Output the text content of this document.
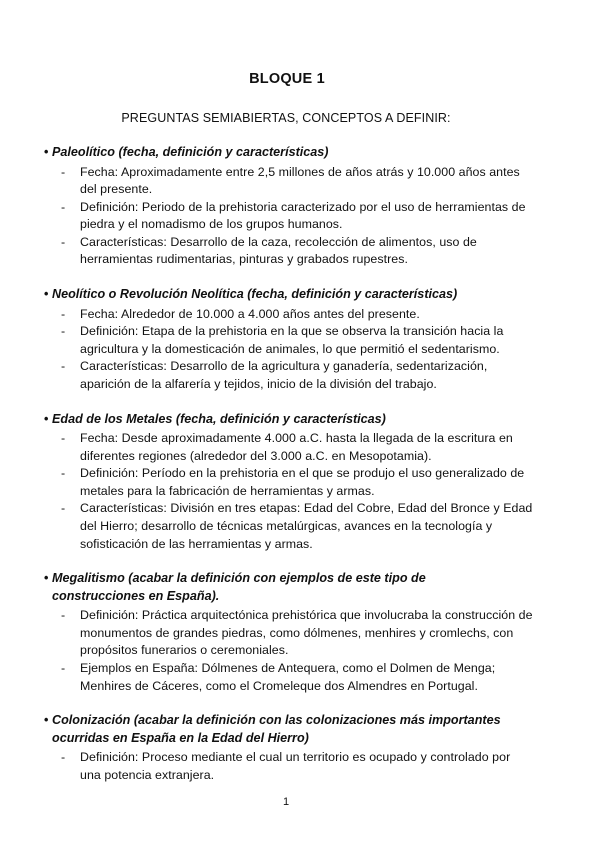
BLOQUE 1
PREGUNTAS SEMIABIERTAS, CONCEPTOS A DEFINIR:
• Paleolítico (fecha, definición y características)
- Fecha: Aproximadamente entre 2,5 millones de años atrás y 10.000 años antes del presente.
- Definición: Periodo de la prehistoria caracterizado por el uso de herramientas de piedra y el nomadismo de los grupos humanos.
- Características: Desarrollo de la caza, recolección de alimentos, uso de herramientas rudimentarias, pinturas y grabados rupestres.
• Neolítico o Revolución Neolítica (fecha, definición y características)
- Fecha: Alrededor de 10.000 a 4.000 años antes del presente.
- Definición: Etapa de la prehistoria en la que se observa la transición hacia la agricultura y la domesticación de animales, lo que permitió el sedentarismo.
- Características: Desarrollo de la agricultura y ganadería, sedentarización, aparición de la alfarería y tejidos, inicio de la división del trabajo.
• Edad de los Metales (fecha, definición y características)
- Fecha: Desde aproximadamente 4.000 a.C. hasta la llegada de la escritura en diferentes regiones (alrededor del 3.000 a.C. en Mesopotamia).
- Definición: Período en la prehistoria en el que se produjo el uso generalizado de metales para la fabricación de herramientas y armas.
- Características: División en tres etapas: Edad del Cobre, Edad del Bronce y Edad del Hierro; desarrollo de técnicas metalúrgicas, avances en la tecnología y sofisticación de las herramientas y armas.
• Megalitismo (acabar la definición con ejemplos de este tipo de construcciones en España).
- Definición: Práctica arquitectónica prehistórica que involucraba la construcción de monumentos de grandes piedras, como dólmenes, menhires y cromlechs, con propósitos funerarios o ceremoniales.
- Ejemplos en España: Dólmenes de Antequera, como el Dolmen de Menga; Menhires de Cáceres, como el Cromeleque dos Almendres en Portugal.
• Colonización (acabar la definición con las colonizaciones más importantes ocurridas en España en la Edad del Hierro)
- Definición: Proceso mediante el cual un territorio es ocupado y controlado por una potencia extranjera.
1
